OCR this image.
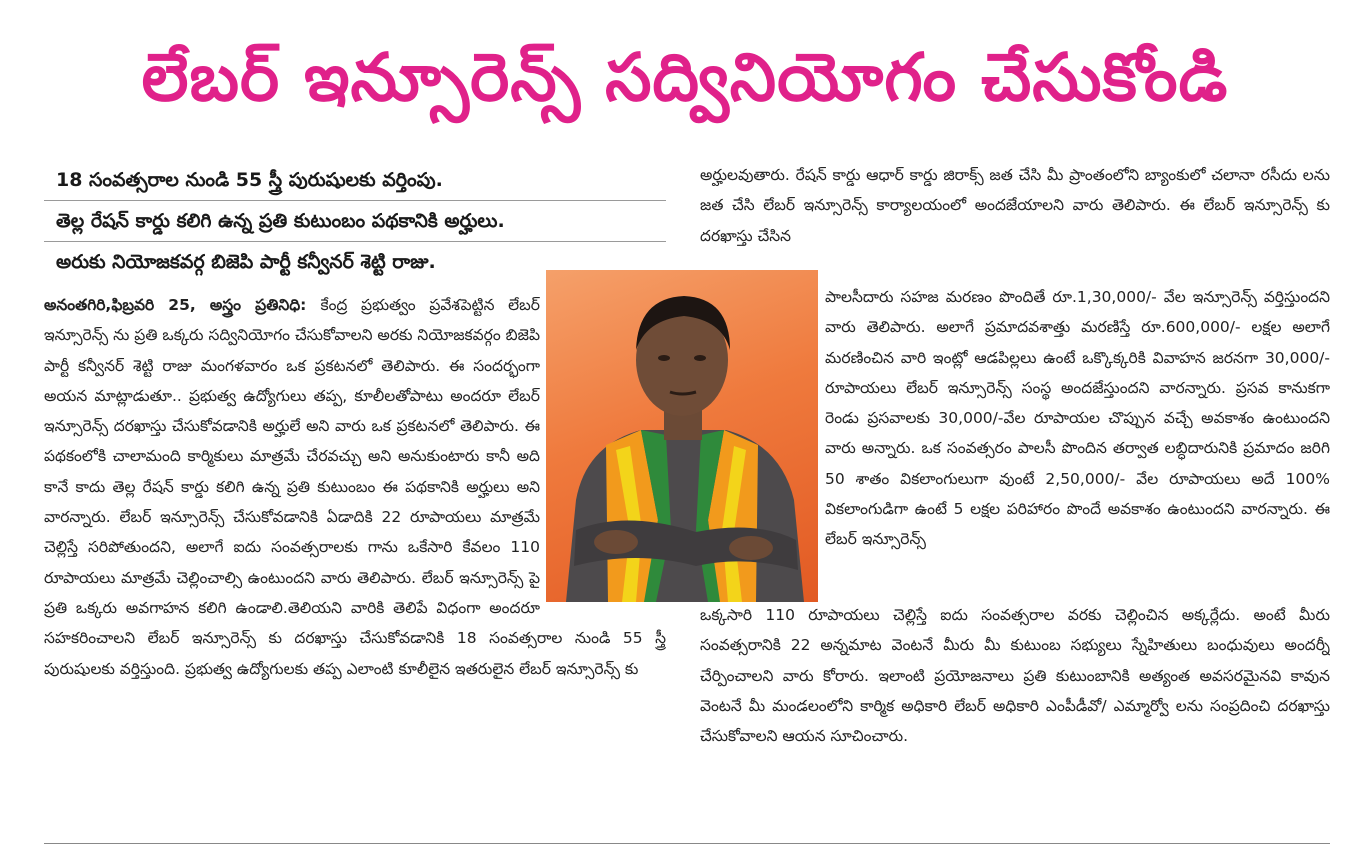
లేబర్ ఇన్సూరెన్స్ సద్వినియోగం చేసుకోండి
18 సంవత్సరాల నుండి 55 స్త్రీ పురుషులకు వర్తింపు.
తెల్ల రేషన్ కార్డు కలిగి ఉన్న ప్రతి కుటుంబం పథకానికి అర్హులు.
అరుకు నియోజకవర్గ బిజెపి పార్టీ కన్వీనర్ శెట్టి రాజు.
అనంతగిరి,ఫిబ్రవరి 25, అస్త్రం ప్రతినిధి: కేంద్ర ప్రభుత్వం ప్రవేశపెట్టిన లేబర్ ఇన్సూరెన్స్ ను ప్రతి ఒక్కరు సద్వినియోగం చేసుకోవాలని అరకు నియోజకవర్గం బిజెపి పార్టీ కన్వీనర్ శెట్టి రాజు మంగళవారం ఒక ప్రకటనలో తెలిపారు. ఈ సందర్భంగా అయన మాట్లాడుతూ.. ప్రభుత్వ ఉద్యోగులు తప్ప, కూలీలతోపాటు అందరూ లేబర్ ఇన్సూరెన్స్ దరఖాస్తు చేసుకోవడానికి అర్హులే అని వారు ఒక ప్రకటనలో తెలిపారు. ఈ పథకంలోకి చాలామంది కార్మికులు మాత్రమే చేరవచ్చు అని అనుకుంటారు కానీ అది కానే కాదు తెల్ల రేషన్ కార్డు కలిగి ఉన్న ప్రతి కుటుంబం ఈ పథకానికి అర్హులు అని వారన్నారు. లేబర్ ఇన్సూరెన్స్ చేసుకోవడానికి ఏడాదికి 22 రూపాయలు మాత్రమే చెల్లిస్తే సరిపోతుందని, అలాగే ఐదు సంవత్సరాలకు గాను ఒకేసారి కేవలం 110 రూపాయలు మాత్రమే చెల్లించాల్సి ఉంటుందని వారు తెలిపారు. లేబర్ ఇన్సూరెన్స్ పై ప్రతి ఒక్కరు అవగాహన కలిగి ఉండాలి.తెలియని వారికి తెలిపే విధంగా అందరూ సహకరించాలని లేబర్ ఇన్సూరెన్స్ కు దరఖాస్తు చేసుకోవడానికి 18 సంవత్సరాల నుండి 55 స్త్రీ పురుషులకు వర్తిస్తుంది. ప్రభుత్వ ఉద్యోగులకు తప్ప ఎలాంటి కూలీలైన ఇతరులైన లేబర్ ఇన్సూరెన్స్ కు
అర్హులవుతారు. రేషన్ కార్డు ఆధార్ కార్డు జిరాక్స్ జత చేసి మీ ప్రాంతంలోని బ్యాంకులో చలానా రసీదు లను జత చేసి లేబర్ ఇన్సూరెన్స్ కార్యాలయంలో అందజేయాలని వారు తెలిపారు. ఈ లేబర్ ఇన్సూరెన్స్ కు దరఖాస్తు చేసిన
పాలసీదారు సహజ మరణం పొందితే రూ.1,30,000/- వేల ఇన్సూరెన్స్ వర్తిస్తుందని వారు తెలిపారు. అలాగే ప్రమాదవశాత్తు మరణిస్తే రూ.600,000/- లక్షల అలాగే మరణించిన వారి ఇంట్లో ఆడపిల్లలు ఉంటే ఒక్కొక్కరికి వివాహన జరనగా 30,000/-రూపాయలు లేబర్ ఇన్సూరెన్స్ సంస్థ అందజేస్తుందని వారన్నారు. ప్రసవ కానుకగా రెండు ప్రసవాలకు 30,000/-వేల రూపాయల చొప్పున వచ్చే అవకాశం ఉంటుందని వారు అన్నారు. ఒక సంవత్సరం పాలసీ పొందిన తర్వాత లబ్ధిదారునికి ప్రమాదం జరిగి 50 శాతం వికలాంగులుగా వుంటే 2,50,000/- వేల రూపాయలు అదే 100% వికలాంగుడిగా ఉంటే 5 లక్షల పరిహారం పొందే అవకాశం ఉంటుందని వారన్నారు. ఈ లేబర్ ఇన్సూరెన్స్
ఒక్కసారి 110 రూపాయలు చెల్లిస్తే ఐదు సంవత్సరాల వరకు చెల్లించిన అక్కర్లేదు. అంటే మీరు సంవత్సరానికి 22 అన్నమాట వెంటనే మీరు మీ కుటుంబ సభ్యులు స్నేహితులు బంధువులు అందర్నీ చేర్పించాలని వారు కోరారు. ఇలాంటి ప్రయోజనాలు ప్రతి కుటుంబానికి అత్యంత అవసరమైనవి కావున వెంటనే మీ మండలంలోని కార్మిక అధికారి లేబర్ అధికారి ఎంపీడీవో/ ఎమ్మార్వో లను సంప్రదించి దరఖాస్తు చేసుకోవాలని ఆయన సూచించారు.
